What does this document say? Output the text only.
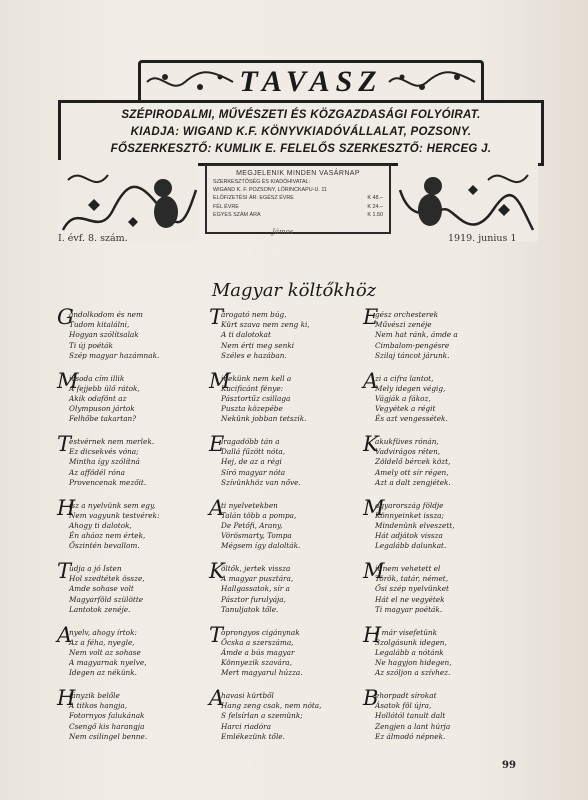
TAVASZ
SZÉPIRODALMI, MŰVÉSZETI ÉS KÖZGAZDASÁGI FOLYÓIRAT.
KIADJA: WIGAND K.F. KÖNYVKIADÓVÁLLALAT, POZSONY.
FŐSZERKESZTŐ: KUMLIK E. FELELŐS SZERKESZTŐ: HERCEG J.
MEGJELENIK MINDEN VASÁRNAP
SZERKESZTŐSÉG ÉS KIADÓHIVATAL:
WIGAND K. F. POZSONY, LŐRINCKAPU-U. 11
ELŐFIZETÉSI ÁR: EGÉSZ ÉVRE	K 48.–
FÉL ÉVRE	K 24.–
EGYES SZÁM ÁRA	K 1.50
Jámos
I. évf. 8. szám.	1919. junius 1
Magyar költőkhöz
G
andolkodom és nem
Tudom kitalálni,
Hogyan szólítsalak
Ti új poéták
Szép magyar hazámnak.
M
icsoda cím illik
A fejjebb ülő rátok,
Akik odafönt az
Olympuson jártok
Felhőbe takartan?
T
estvérnek nem merlek.
Ez dicsekvés vóna;
Mintha így szólítná
Az affödél róna
Provencenak mezőit.
H
isz a nyelvünk sem egy,
Nem vagyunk testvérek:
Ahogy ti dalotok,
Én aháoz nem értek,
Őszintén bevallom.
T
udja a jó Isten
Hol szedtétek össze,
Amde sohase volt
Magyarföld szülötte
Lantotok zenéje.
A
nyelv, ahogy írtok:
Az a féha, nyegle,
Nem volt az sohase
A magyarnak nyelve,
Idegen az nékünk.
H
iányzik belőle
A titkos hangja,
Fotornyos falukának
Csengő kis harangja
Nem csilingel benne.
T
árogató nem búg,
Kürt szava nem zeng ki,
A ti dalotokat
Nem érti meg senki
Széles e hazában.
M
inekünk nem kell a
Kacificánt fénye:
Pásztortűz csillaga
Puszta közepébe
Nekünk jobban tetszik.
E
lragadóbb tán a
Dallá fűzött nóta,
Hej, de az a régi
Síró magyar nóta
Szívünkhöz van nőve.
A
ti nyelvetekben
Talán több a pompa,
De Petőfi, Arany,
Vörösmarty, Tompa
Mégsem így dalolták.
K
öltők, jertek vissza
A magyar pusztára,
Hallgassatok, sír a
Pásztor furulyája,
Tanuljatok tőle.
T
oprongyos cigánynak
Öcska a szerszáma,
Ámde a bús magyar
Könnyezik szavára,
Mert magyarul húzza.
A
havasi kürtből
Hang zeng csak, nem nóta,
S felsírlan a szemünk;
Harci riadóra
Emlékezünk tőle.
E
gész orchesterek
Művészi zenéje
Nem hat ránk, ámde a
Cimbalom-pengésre
Szilaj táncot járunk.
A
zi a cifra lantot,
Mely idegen végig,
Vágják a fákoz,
Vegyétek a régit
És azt vengessétek.
K
akukfüves rónán,
Vadvirágos réten,
Zöldelő bércek közt,
Amely ott sír régen,
Azt a dalt zengjétek.
M
agyarország földje
Könnyeinket issza;
Mindenünk elveszett,
Hát adjátok vissza
Legalább dalunkat.
M
it nem vehetett el
Török, tatár, német,
Ősi szép nyelvünket
Hát el ne vegyétek
Ti magyar poéták.
H
a már visefetünk
Szolgásunk idegen,
Legalább a nótánk
Ne hagyjon hidegen,
Az szóljon a szívhez.
B
ehorpadt sírokat
Ásatok föl újra,
Hollótól tanult dalt
Zengjen a lant húrja
Ez álmodó népnek.
99
